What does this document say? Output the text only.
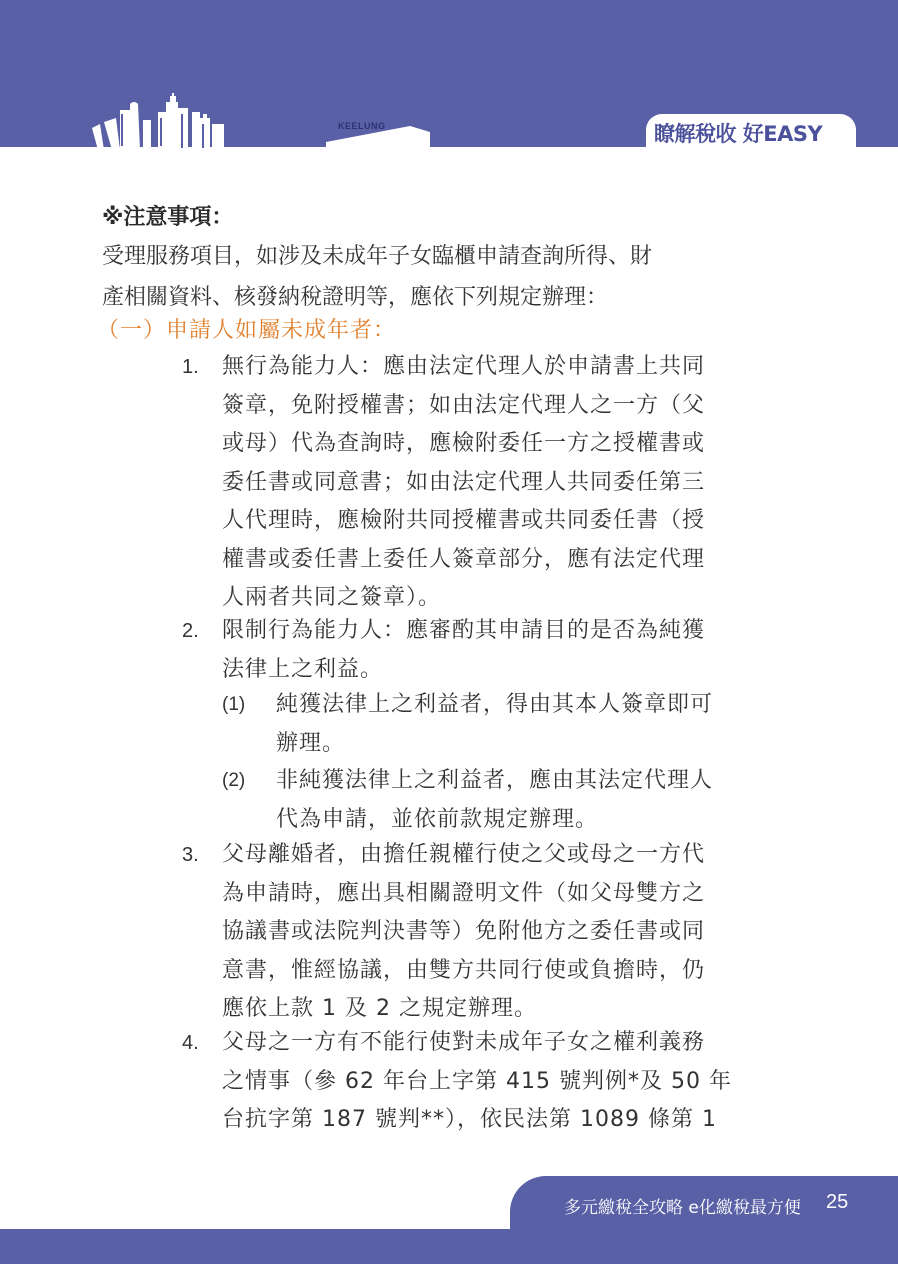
KEELUNG	瞭解稅收 好EASY
※注意事項：
受理服務項目，如涉及未成年子女臨櫃申請查詢所得、財
產相關資料、核發納稅證明等，應依下列規定辦理：
（一）申請人如屬未成年者：
1.	無行為能力人：應由法定代理人於申請書上共同
簽章，免附授權書；如由法定代理人之一方（父
或母）代為查詢時，應檢附委任一方之授權書或
委任書或同意書；如由法定代理人共同委任第三
人代理時，應檢附共同授權書或共同委任書（授
權書或委任書上委任人簽章部分，應有法定代理
人兩者共同之簽章）。
2.	限制行為能力人：應審酌其申請目的是否為純獲
法律上之利益。
(1) 純獲法律上之利益者，得由其本人簽章即可
辦理。
(2) 非純獲法律上之利益者，應由其法定代理人
代為申請，並依前款規定辦理。
3.	父母離婚者，由擔任親權行使之父或母之一方代
為申請時，應出具相關證明文件（如父母雙方之
協議書或法院判決書等）免附他方之委任書或同
意書，惟經協議，由雙方共同行使或負擔時，仍
應依上款 1 及 2 之規定辦理。
4.	父母之一方有不能行使對未成年子女之權利義務
之情事（參 62 年台上字第 415 號判例*及 50 年
台抗字第 187 號判**），依民法第 1089 條第 1
多元繳稅全攻略 e化繳稅最方便 25
